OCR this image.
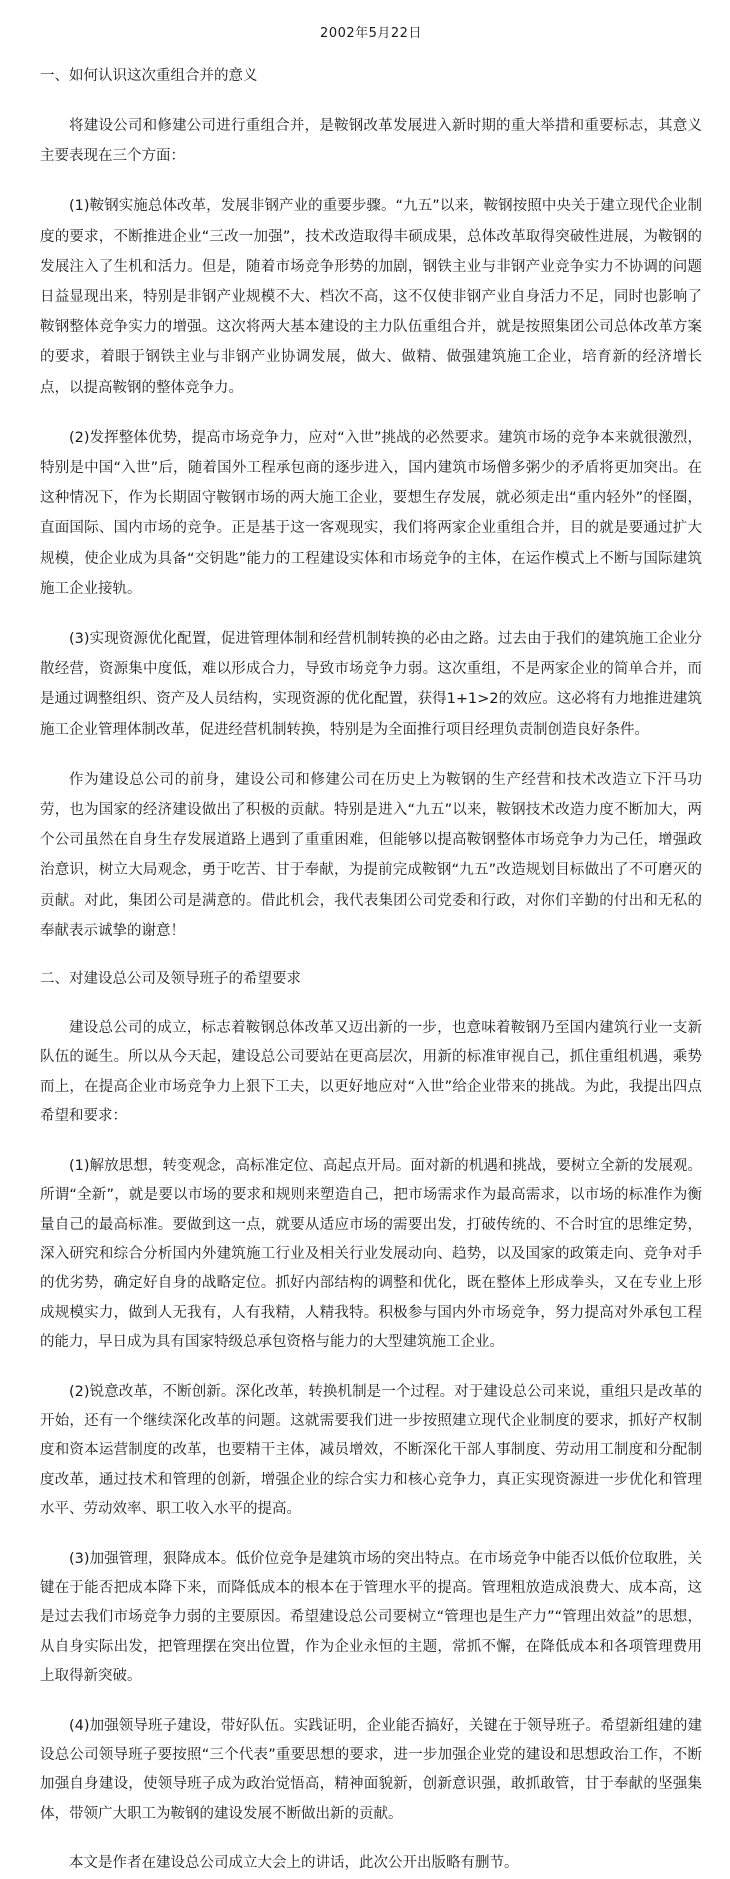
2002年5月22日
一、如何认识这次重组合并的意义

将建设公司和修建公司进行重组合并，是鞍钢改革发展进入新时期的重大举措和重要标志，其意义主要表现在三个方面：

(1)鞍钢实施总体改革，发展非钢产业的重要步骤。“九五”以来，鞍钢按照中央关于建立现代企业制度的要求，不断推进企业“三改一加强”，技术改造取得丰硕成果，总体改革取得突破性进展，为鞍钢的发展注入了生机和活力。但是，随着市场竞争形势的加剧，钢铁主业与非钢产业竞争实力不协调的问题日益显现出来，特别是非钢产业规模不大、档次不高，这不仅使非钢产业自身活力不足，同时也影响了鞍钢整体竞争实力的增强。这次将两大基本建设的主力队伍重组合并，就是按照集团公司总体改革方案的要求，着眼于钢铁主业与非钢产业协调发展，做大、做精、做强建筑施工企业，培育新的经济增长点，以提高鞍钢的整体竞争力。

(2)发挥整体优势，提高市场竞争力，应对“入世”挑战的必然要求。建筑市场的竞争本来就很激烈，特别是中国“入世”后，随着国外工程承包商的逐步进入，国内建筑市场僧多粥少的矛盾将更加突出。在这种情况下，作为长期固守鞍钢市场的两大施工企业，要想生存发展，就必须走出“重内轻外”的怪圈，直面国际、国内市场的竞争。正是基于这一客观现实，我们将两家企业重组合并，目的就是要通过扩大规模，使企业成为具备“交钥匙”能力的工程建设实体和市场竞争的主体，在运作模式上不断与国际建筑施工企业接轨。

(3)实现资源优化配置，促进管理体制和经营机制转换的必由之路。过去由于我们的建筑施工企业分散经营，资源集中度低，难以形成合力，导致市场竞争力弱。这次重组，不是两家企业的简单合并，而是通过调整组织、资产及人员结构，实现资源的优化配置，获得1+1>2的效应。这必将有力地推进建筑施工企业管理体制改革，促进经营机制转换，特别是为全面推行项目经理负责制创造良好条件。

作为建设总公司的前身，建设公司和修建公司在历史上为鞍钢的生产经营和技术改造立下汗马功劳，也为国家的经济建设做出了积极的贡献。特别是进入“九五”以来，鞍钢技术改造力度不断加大，两个公司虽然在自身生存发展道路上遇到了重重困难，但能够以提高鞍钢整体市场竞争力为己任，增强政治意识，树立大局观念，勇于吃苦、甘于奉献，为提前完成鞍钢“九五”改造规划目标做出了不可磨灭的贡献。对此，集团公司是满意的。借此机会，我代表集团公司党委和行政，对你们辛勤的付出和无私的奉献表示诚挚的谢意！

二、对建设总公司及领导班子的希望要求

建设总公司的成立，标志着鞍钢总体改革又迈出新的一步，也意味着鞍钢乃至国内建筑行业一支新队伍的诞生。所以从今天起，建设总公司要站在更高层次，用新的标准审视自己，抓住重组机遇，乘势而上，在提高企业市场竞争力上狠下工夫，以更好地应对“入世”给企业带来的挑战。为此，我提出四点希望和要求：

(1)解放思想，转变观念，高标准定位、高起点开局。面对新的机遇和挑战，要树立全新的发展观。所谓“全新”，就是要以市场的要求和规则来塑造自己，把市场需求作为最高需求，以市场的标准作为衡量自己的最高标准。要做到这一点，就要从适应市场的需要出发，打破传统的、不合时宜的思维定势，深入研究和综合分析国内外建筑施工行业及相关行业发展动向、趋势，以及国家的政策走向、竞争对手的优劣势，确定好自身的战略定位。抓好内部结构的调整和优化，既在整体上形成拳头，又在专业上形成规模实力，做到人无我有，人有我精，人精我特。积极参与国内外市场竞争，努力提高对外承包工程的能力，早日成为具有国家特级总承包资格与能力的大型建筑施工企业。

(2)锐意改革，不断创新。深化改革，转换机制是一个过程。对于建设总公司来说，重组只是改革的开始，还有一个继续深化改革的问题。这就需要我们进一步按照建立现代企业制度的要求，抓好产权制度和资本运营制度的改革，也要精干主体，减员增效，不断深化干部人事制度、劳动用工制度和分配制度改革，通过技术和管理的创新，增强企业的综合实力和核心竞争力，真正实现资源进一步优化和管理水平、劳动效率、职工收入水平的提高。

(3)加强管理，狠降成本。低价位竞争是建筑市场的突出特点。在市场竞争中能否以低价位取胜，关键在于能否把成本降下来，而降低成本的根本在于管理水平的提高。管理粗放造成浪费大、成本高，这是过去我们市场竞争力弱的主要原因。希望建设总公司要树立“管理也是生产力”“管理出效益”的思想，从自身实际出发，把管理摆在突出位置，作为企业永恒的主题，常抓不懈，在降低成本和各项管理费用上取得新突破。

(4)加强领导班子建设，带好队伍。实践证明，企业能否搞好，关键在于领导班子。希望新组建的建设总公司领导班子要按照“三个代表”重要思想的要求，进一步加强企业党的建设和思想政治工作，不断加强自身建设，使领导班子成为政治觉悟高，精神面貌新，创新意识强，敢抓敢管，甘于奉献的坚强集体，带领广大职工为鞍钢的建设发展不断做出新的贡献。

本文是作者在建设总公司成立大会上的讲话，此次公开出版略有删节。
